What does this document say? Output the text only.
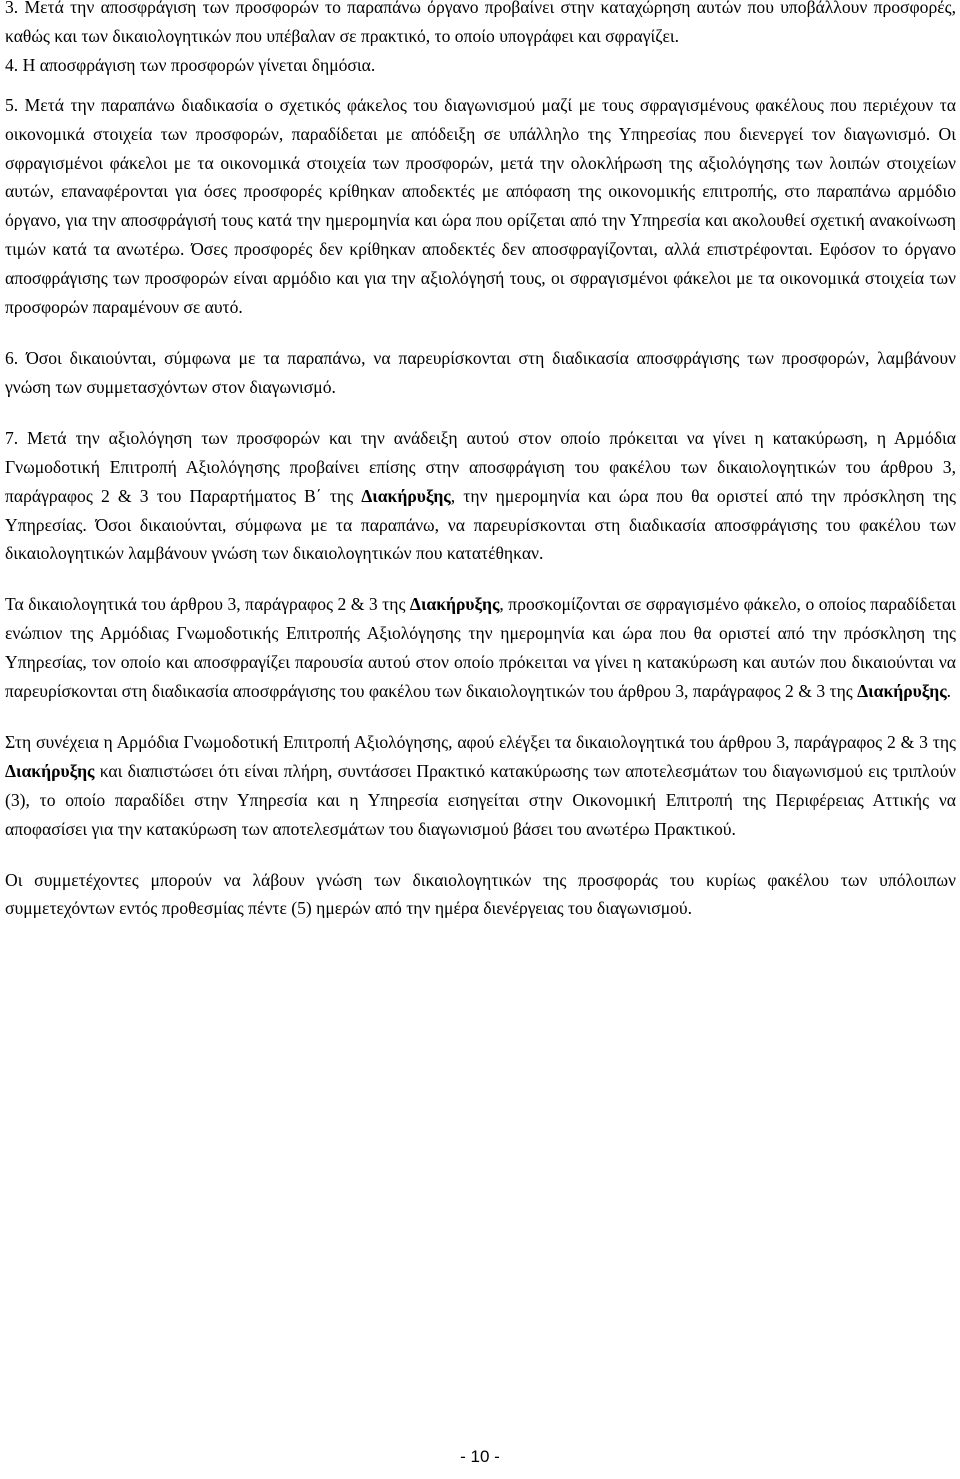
3. Μετά την αποσφράγιση των προσφορών το παραπάνω όργανο προβαίνει στην καταχώρηση αυτών που υποβάλλουν προσφορές, καθώς και των δικαιολογητικών που υπέβαλαν σε πρακτικό, το οποίο υπογράφει και σφραγίζει.

4. Η αποσφράγιση των προσφορών γίνεται δημόσια.

5. Μετά την παραπάνω διαδικασία ο σχετικός φάκελος του διαγωνισμού μαζί με τους σφραγισμένους φακέλους που περιέχουν τα οικονομικά στοιχεία των προσφορών, παραδίδεται με απόδειξη σε υπάλληλο της Υπηρεσίας που διενεργεί τον διαγωνισμό. Οι σφραγισμένοι φάκελοι με τα οικονομικά στοιχεία των προσφορών, μετά την ολοκλήρωση της αξιολόγησης των λοιπών στοιχείων αυτών, επαναφέρονται για όσες προσφορές κρίθηκαν αποδεκτές με απόφαση της οικονομικής επιτροπής, στο παραπάνω αρμόδιο όργανο, για την αποσφράγισή τους κατά την ημερομηνία και ώρα που ορίζεται από την Υπηρεσία και ακολουθεί σχετική ανακοίνωση τιμών κατά τα ανωτέρω. Όσες προσφορές δεν κρίθηκαν αποδεκτές δεν αποσφραγίζονται, αλλά επιστρέφονται. Εφόσον το όργανο αποσφράγισης των προσφορών είναι αρμόδιο και για την αξιολόγησή τους, οι σφραγισμένοι φάκελοι με τα οικονομικά στοιχεία των προσφορών παραμένουν σε αυτό.

6. Όσοι δικαιούνται, σύμφωνα με τα παραπάνω, να παρευρίσκονται στη διαδικασία αποσφράγισης των προσφορών, λαμβάνουν γνώση των συμμετασχόντων στον διαγωνισμό.

7. Μετά την αξιολόγηση των προσφορών και την ανάδειξη αυτού στον οποίο πρόκειται να γίνει η κατακύρωση, η Αρμόδια Γνωμοδοτική Επιτροπή Αξιολόγησης προβαίνει επίσης στην αποσφράγιση του φακέλου των δικαιολογητικών του άρθρου 3, παράγραφος 2 & 3 του Παραρτήματος Β΄ της Διακήρυξης, την ημερομηνία και ώρα που θα οριστεί από την πρόσκληση της Υπηρεσίας. Όσοι δικαιούνται, σύμφωνα με τα παραπάνω, να παρευρίσκονται στη διαδικασία αποσφράγισης του φακέλου των δικαιολογητικών λαμβάνουν γνώση των δικαιολογητικών που κατατέθηκαν.

Τα δικαιολογητικά του άρθρου 3, παράγραφος 2 & 3 της Διακήρυξης, προσκομίζονται σε σφραγισμένο φάκελο, ο οποίος παραδίδεται ενώπιον της Αρμόδιας Γνωμοδοτικής Επιτροπής Αξιολόγησης την ημερομηνία και ώρα που θα οριστεί από την πρόσκληση της Υπηρεσίας, τον οποίο και αποσφραγίζει παρουσία αυτού στον οποίο πρόκειται να γίνει η κατακύρωση και αυτών που δικαιούνται να παρευρίσκονται στη διαδικασία αποσφράγισης του φακέλου των δικαιολογητικών του άρθρου 3, παράγραφος 2 & 3 της Διακήρυξης.

Στη συνέχεια η Αρμόδια Γνωμοδοτική Επιτροπή Αξιολόγησης, αφού ελέγξει τα δικαιολογητικά του άρθρου 3, παράγραφος 2 & 3 της Διακήρυξης και διαπιστώσει ότι είναι πλήρη, συντάσσει Πρακτικό κατακύρωσης των αποτελεσμάτων του διαγωνισμού εις τριπλούν (3), το οποίο παραδίδει στην Υπηρεσία και η Υπηρεσία εισηγείται στην Οικονομική Επιτροπή της Περιφέρειας Αττικής να αποφασίσει για την κατακύρωση των αποτελεσμάτων του διαγωνισμού βάσει του ανωτέρω Πρακτικού.

Οι συμμετέχοντες μπορούν να λάβουν γνώση των δικαιολογητικών της προσφοράς του κυρίως φακέλου των υπόλοιπων συμμετεχόντων εντός προθεσμίας πέντε (5) ημερών από την ημέρα διενέργειας του διαγωνισμού.

- 10 -
